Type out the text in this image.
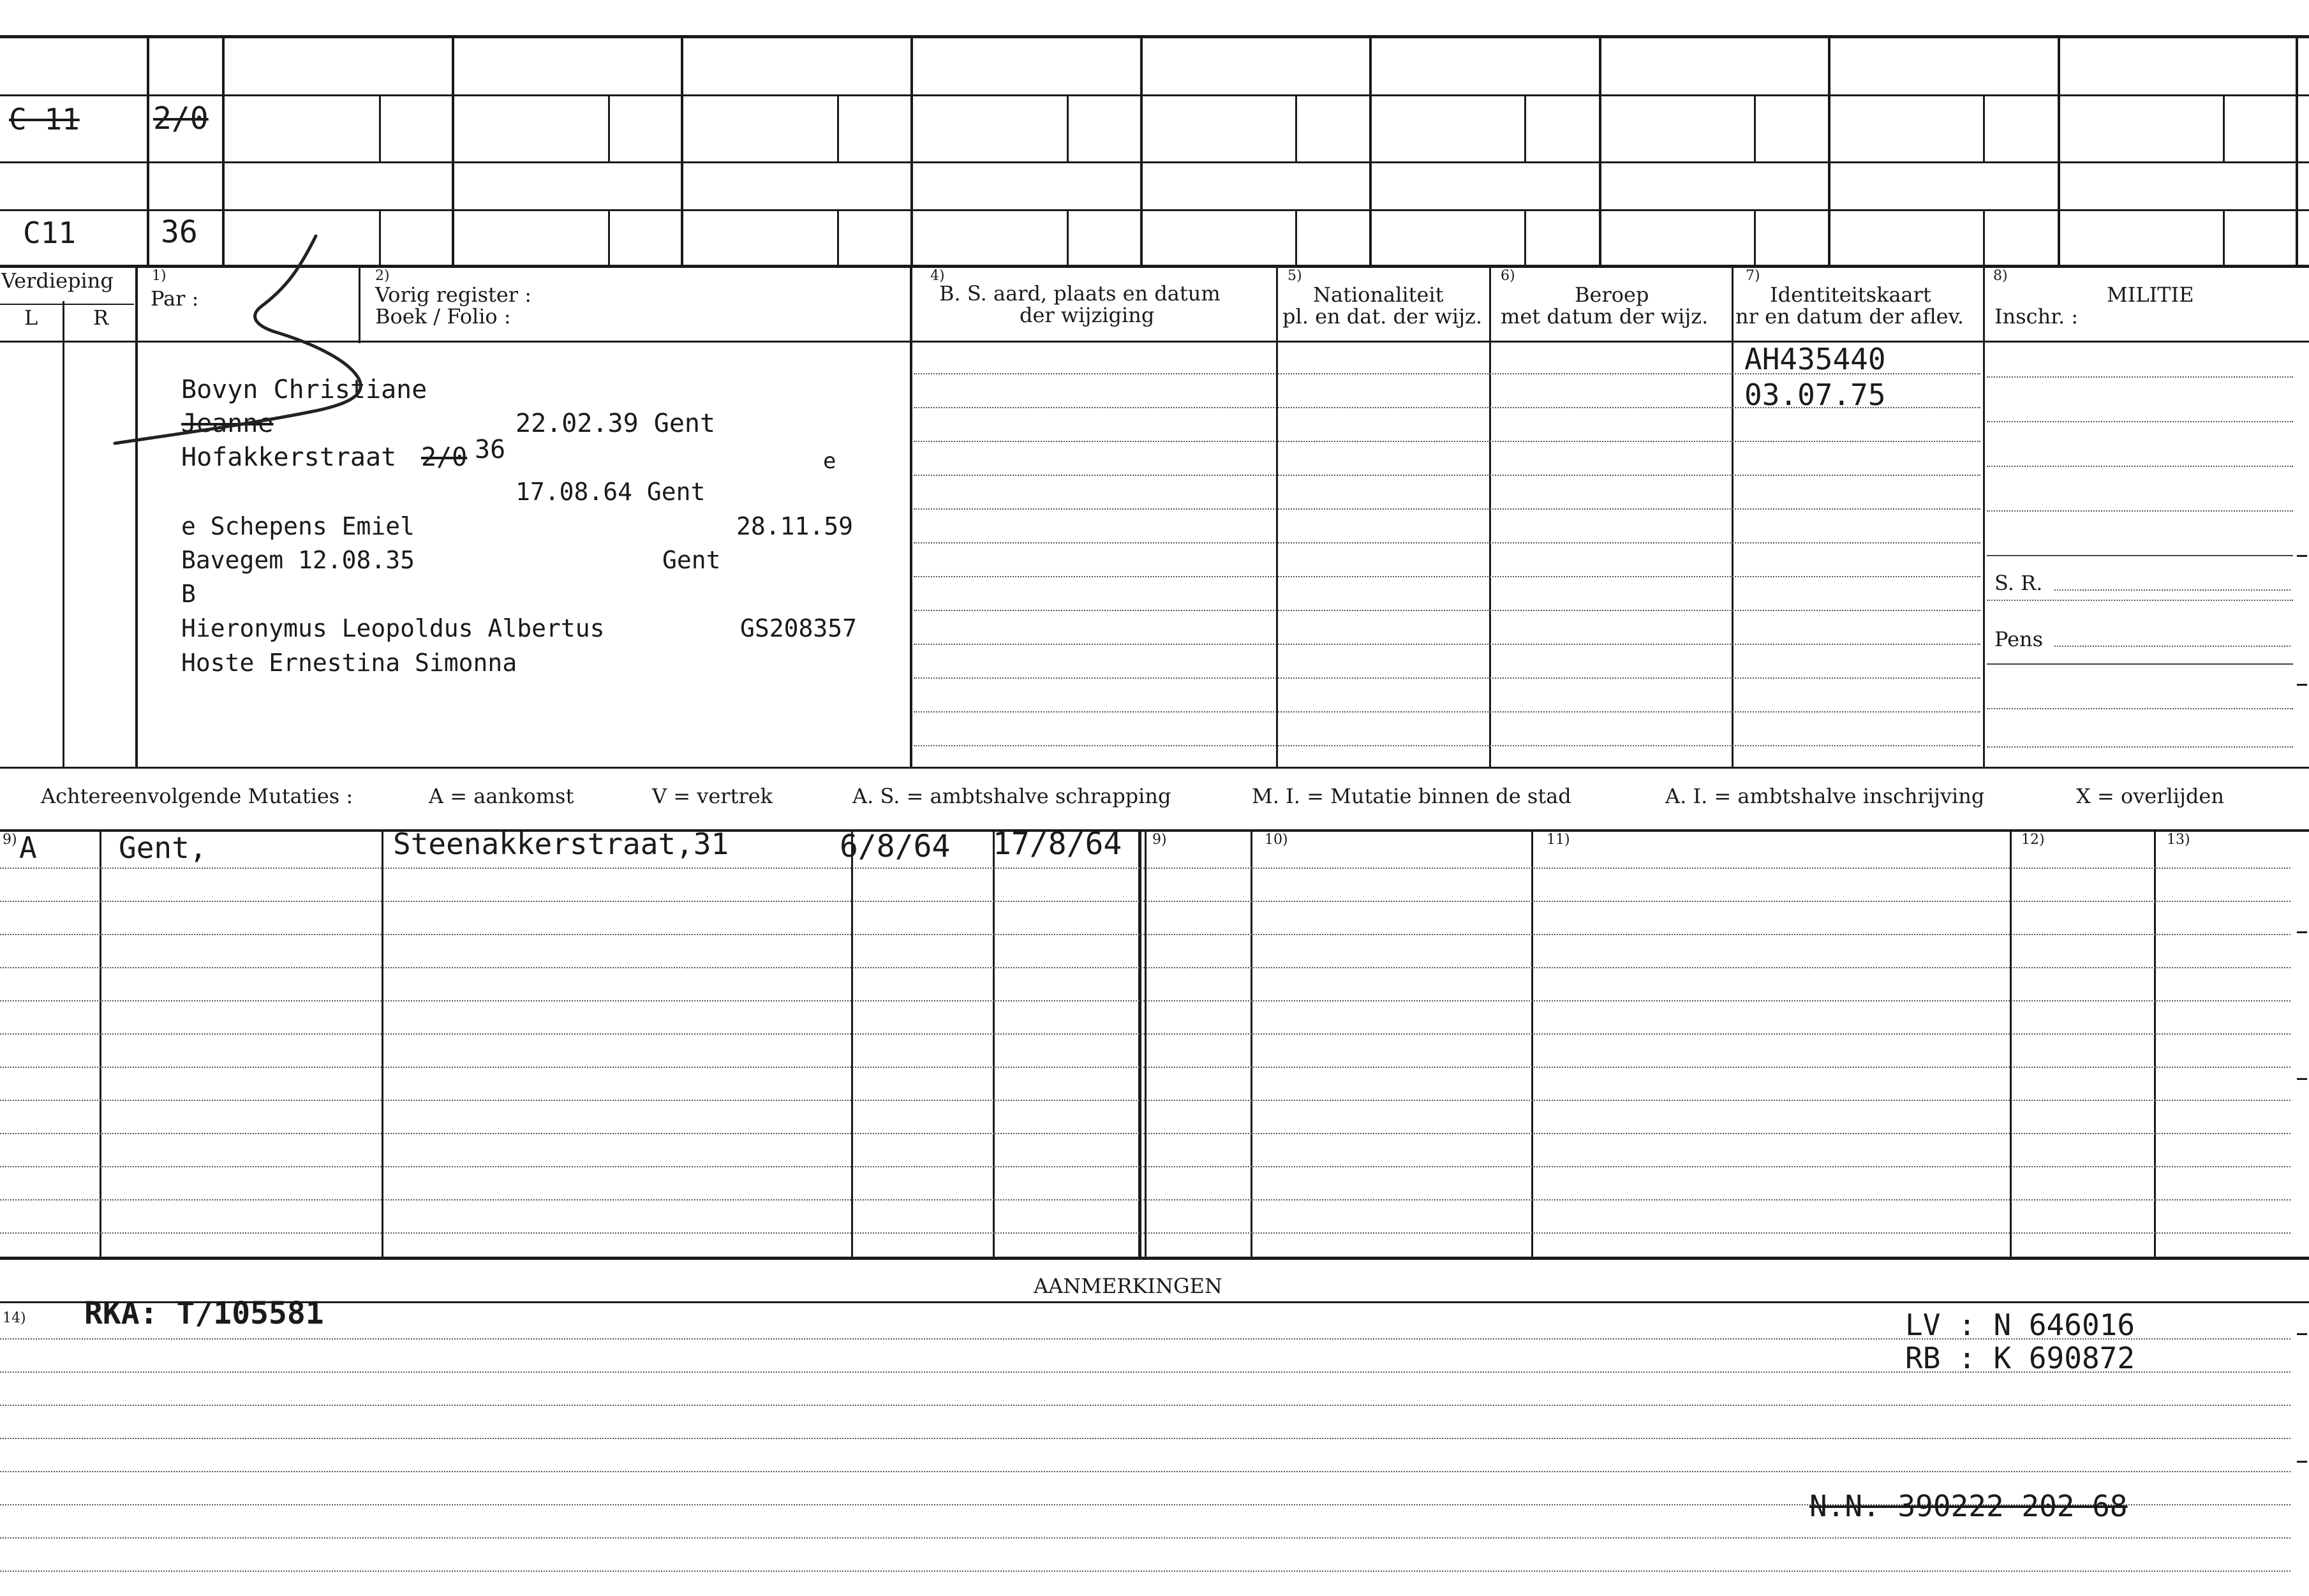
C 11 2/0
C11	36
Verdieping
L	R
1)
Par :
2)
Vorig register :
Boek / Folio :
4)
B. S. aard, plaats en datum
der wijziging
5)
Nationaliteit
pl. en dat. der wijz.
6)
Beroep
met datum der wijz.
7)
Identiteitskaart
nr en datum der aflev.
8)
MILITIE
Inschr. :
S. R.
Pens
Bovyn Christiane
Jeanne	22.02.39 Gent
Hofakkerstraat 2/0 36	e
17.08.64 Gent
e Schepens Emiel	28.11.59
Bavegem 12.08.35	Gent
B
Hieronymus Leopoldus Albertus	GS208357
Hoste Ernestina Simonna
AH435440
03.07.75
Achtereenvolgende Mutaties :	A = aankomst	V = vertrek	A. S. = ambtshalve schrapping	M. I. = Mutatie binnen de stad	A. I. = ambtshalve inschrijving	X = overlijden
9)	9)	10)	11)	12)	13)
A	Gent,	Steenakkerstraat,31	6/8/64 17/8/64
AANMERKINGEN
14) RKA: T/105581	LV : N 646016
RB : K 690872
N.N. 390222 202 68
